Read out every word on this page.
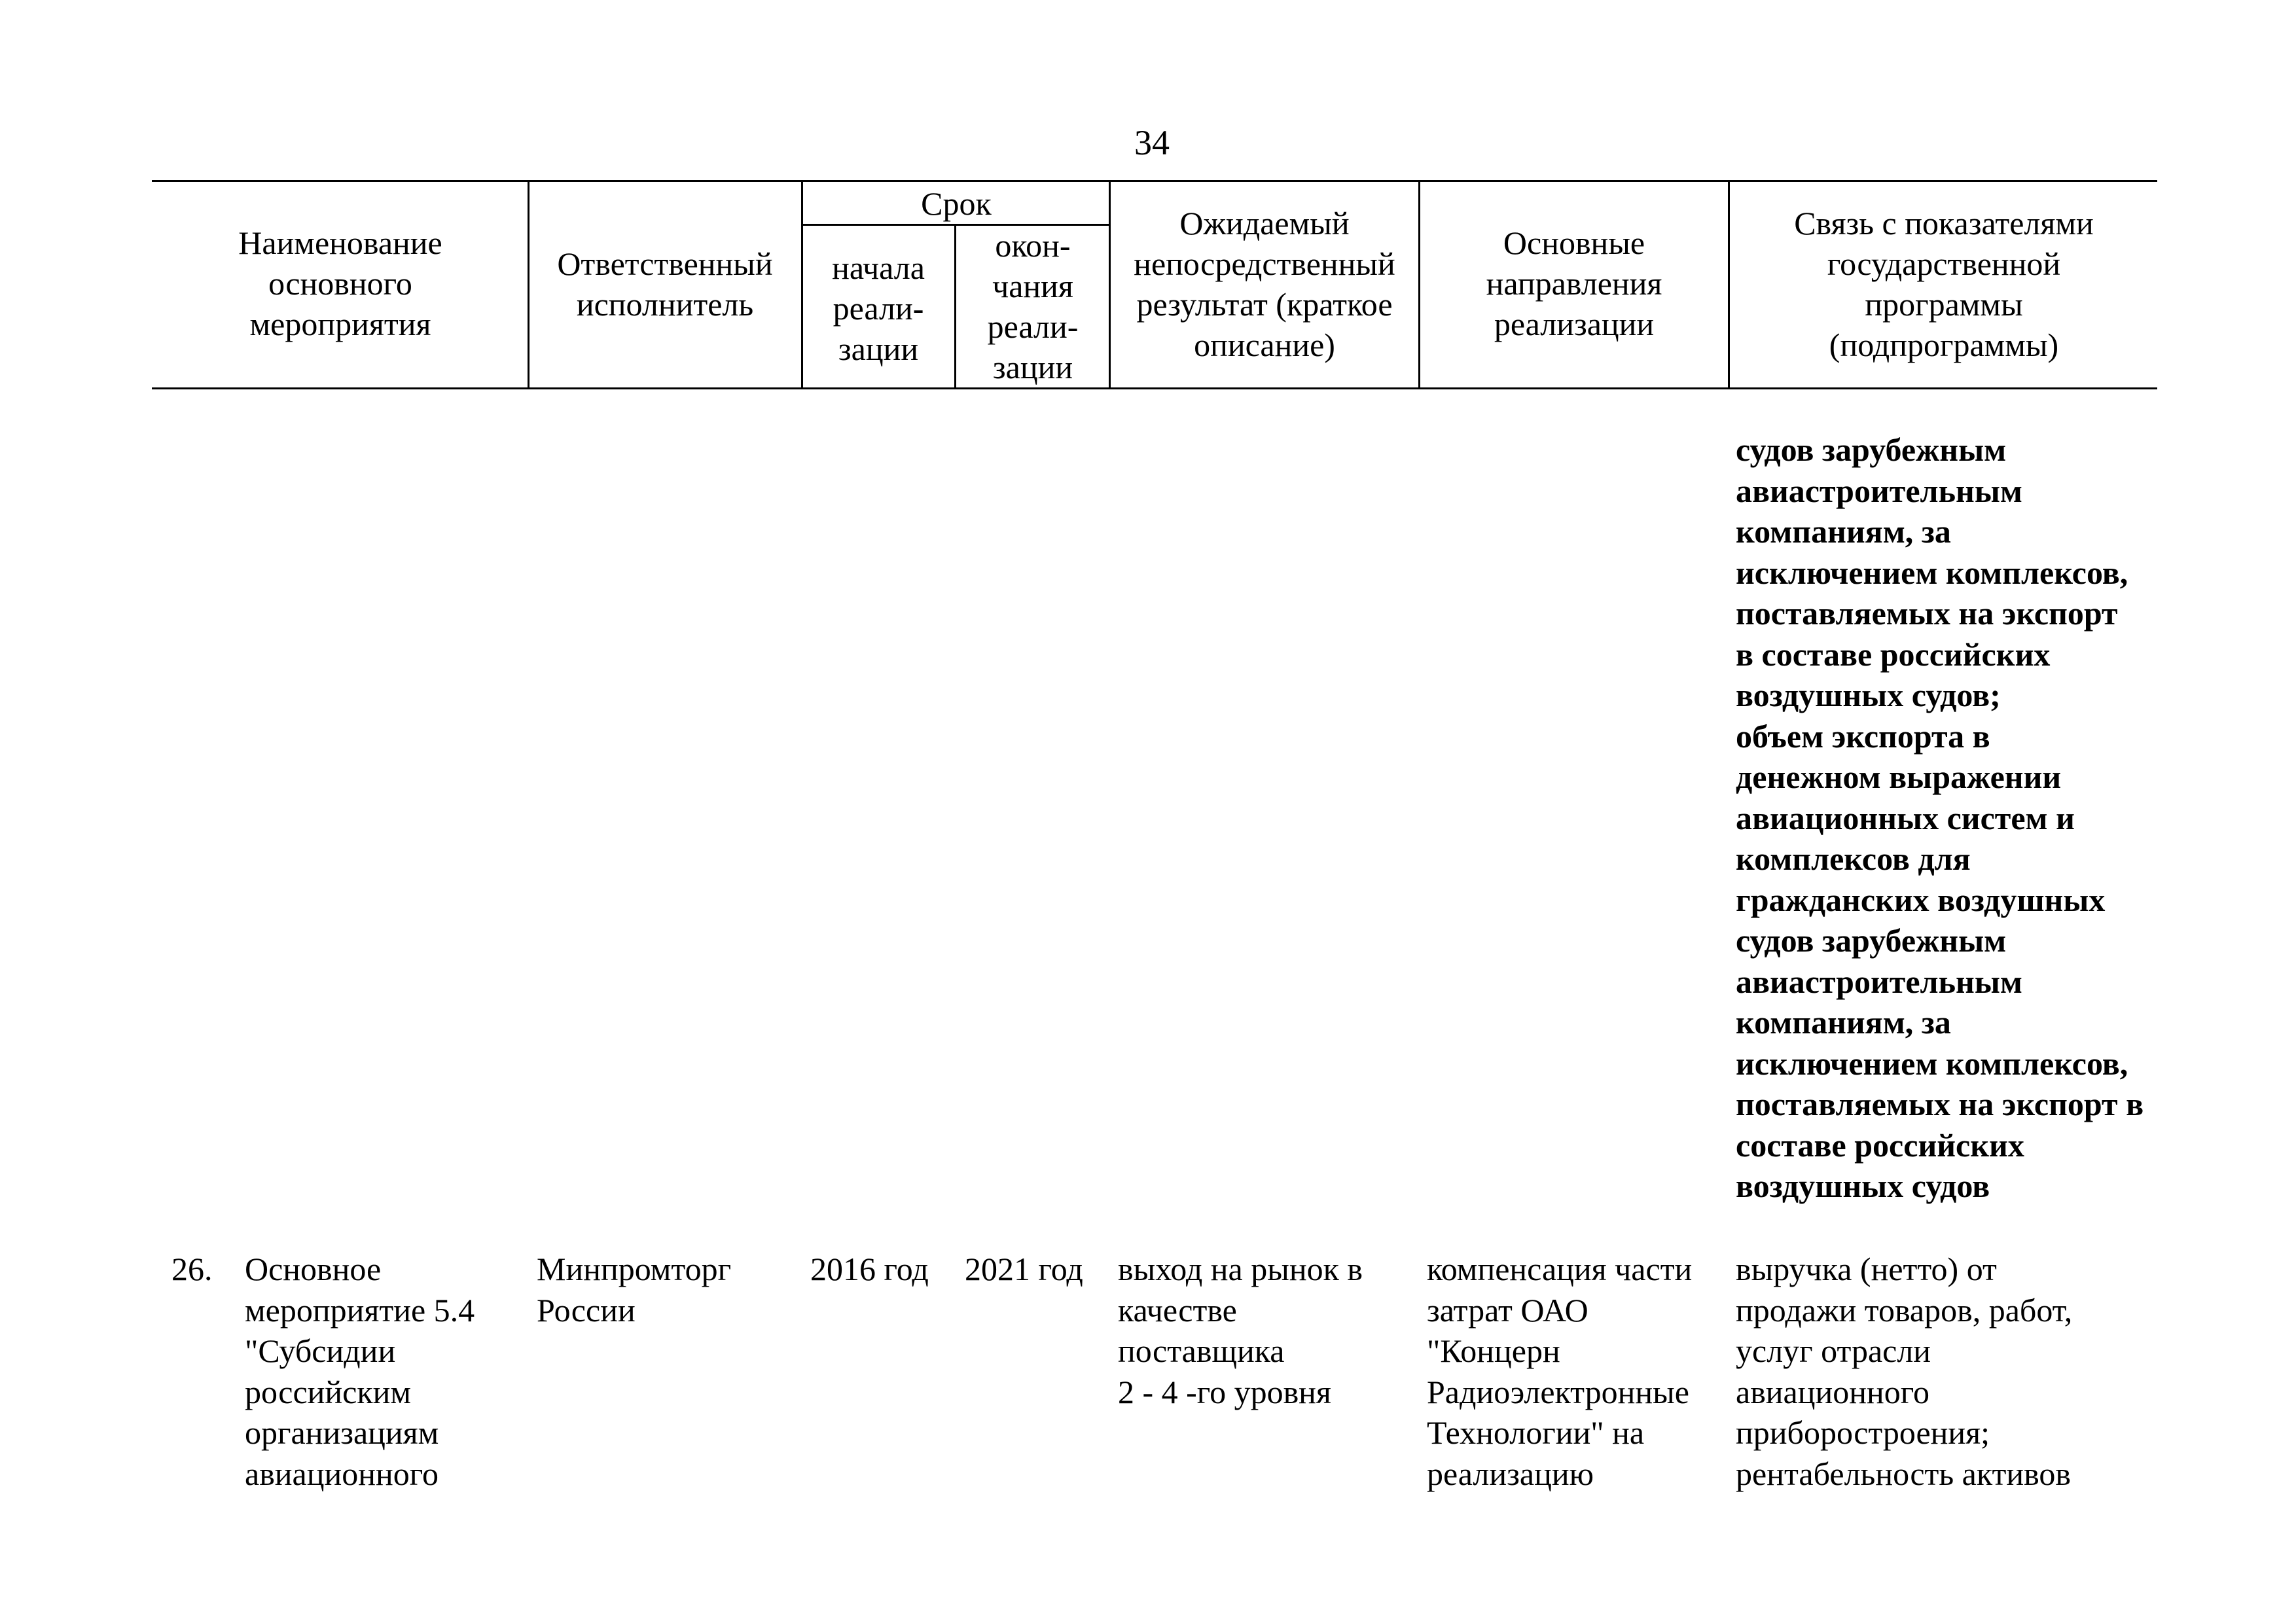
34
Наименование
основного
мероприятия
Ответственный
исполнитель
Срок
начала
реали-
зации
окон-
чания
реали-
зации
Ожидаемый
непосредственный
результат (краткое
описание)
Основные
направления
реализации
Связь с показателями
государственной
программы
(подпрограммы)
судов зарубежным
авиастроительным
компаниям, за
исключением комплексов,
поставляемых на экспорт
в составе российских
воздушных судов;
объем экспорта в
денежном выражении
авиационных систем и
комплексов для
гражданских воздушных
судов зарубежным
авиастроительным
компаниям, за
исключением комплексов,
поставляемых на экспорт в
составе российских
воздушных судов
26. Основное
мероприятие 5.4
"Субсидии
российским
организациям
авиационного
Минпромторг
России
2016 год	2021 год	выход на рынок в
качестве
поставщика
2 - 4 -го уровня
компенсация части
затрат ОАО
"Концерн
Радиоэлектронные
Технологии" на
реализацию
выручка (нетто) от
продажи товаров, работ,
услуг отрасли
авиационного
приборостроения;
рентабельность активов
